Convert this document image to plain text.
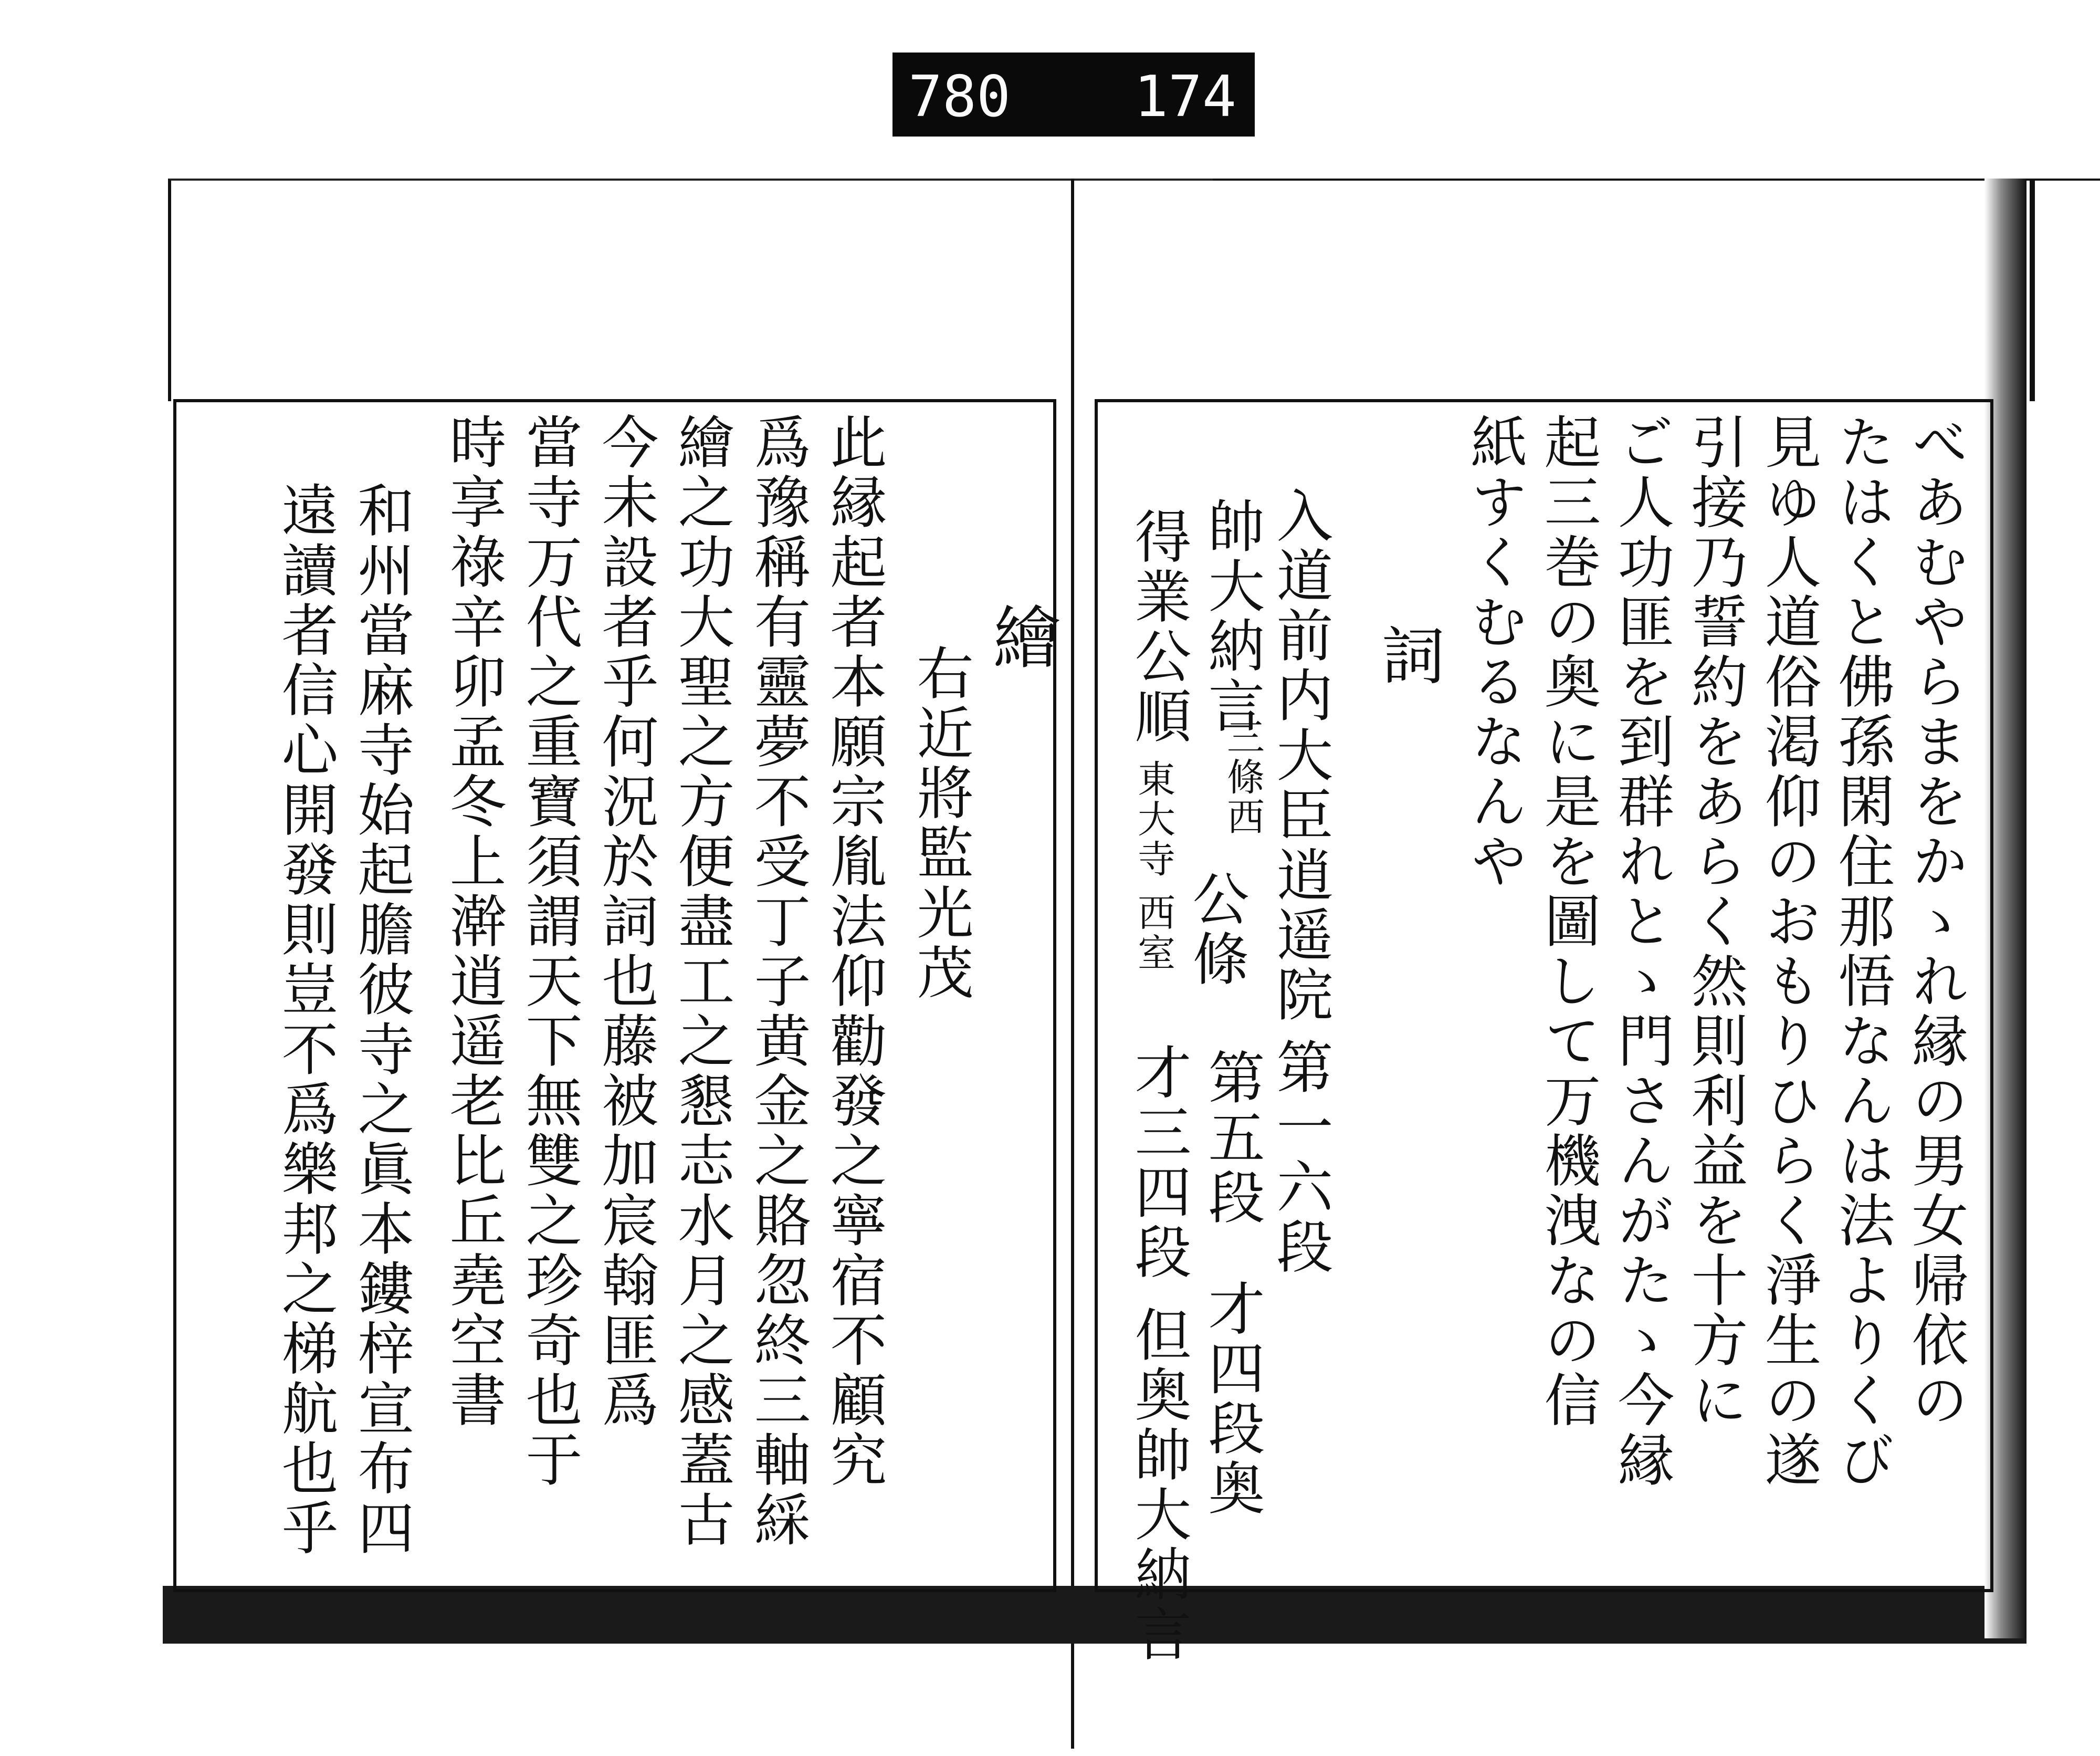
780 174
繪
右近將監光茂
此縁起者本願宗胤法仰勸發之寧宿不顧究
爲豫稱有靈夢不受丁子黄金之賂忽終三軸綵
繪之功大聖之方便盡工之懇志水月之感蓋古
今未設者乎何況於詞也藤被加宸翰匪爲
當寺万代之重寶須謂天下無雙之珍奇也于
時享祿辛卯孟冬上澣逍遥老比丘堯空書
和州當麻寺始起膽彼寺之眞本鏤梓宣布四
遠讀者信心開發則豈不爲樂邦之梯航也乎	べあむやらまをかゝれ縁の男女帰依の
たはくと佛孫閑住那悟なんは法よりくび
見ゆ人道俗渇仰のおもりひらく淨生の遂
引接乃誓約をあらく然則利益を十方に
ご人功匪を到群れとゝ門さんがたゝ今縁
起三巻の奥に是を圖して万機洩なの信
紙すくむるなんや
詞
入道前内大臣逍遥院
第一六段
帥大納言
三條西
公條
第五段
得業公順
東大寺 西室
才三四段
才四段奥
但奥帥大納言
